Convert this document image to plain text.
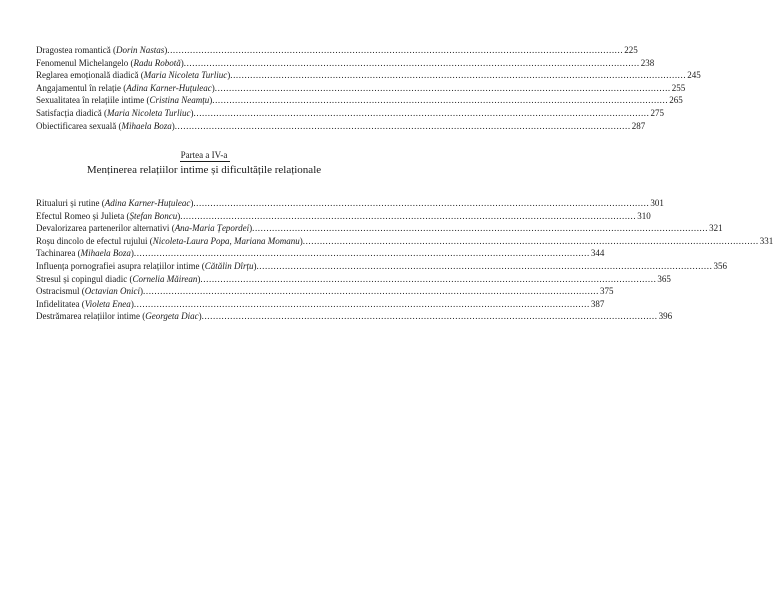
Dragostea romantică (Dorin Nastas) .....	225
Fenomenul Michelangelo (Radu Robotă) .....	238
Reglarea emoțională diadică (Maria Nicoleta Turliuc) .....	245
Angajamentul în relație (Adina Karner-Huțuleac) .....	255
Sexualitatea în relațiile intime (Cristina Neamțu) .....	265
Satisfacția diadică (Maria Nicoleta Turliuc) .....	275
Obiectificarea sexuală (Mihaela Boza) .....	287
Partea a IV-a
Menținerea relațiilor intime și dificultățile relaționale
Ritualuri și rutine (Adina Karner-Huțuleac) .....	301
Efectul Romeo și Julieta (Ștefan Boncu) .....	310
Devalorizarea partenerilor alternativi (Ana-Maria Țepordei) .....	321
Roșu dincolo de efectul rujului (Nicoleta-Laura Popa, Mariana Momanu) .....	331
Tachinarea (Mihaela Boza) .....	344
Influența pornografiei asupra relațiilor intime (Cătălin Dîrțu) .....	356
Stresul și copingul diadic (Cornelia Măirean) .....	365
Ostracismul (Octavian Onici) .....	375
Infidelitatea (Violeta Enea) .....	387
Destrămarea relațiilor intime (Georgeta Diac) .....	396
